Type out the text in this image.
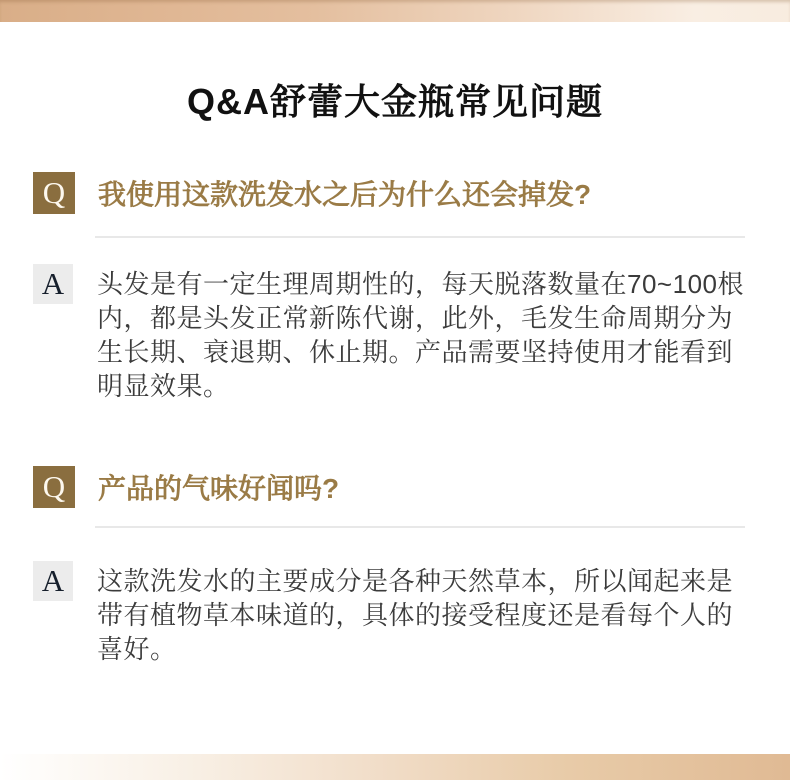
Q&A舒蕾大金瓶常见问题
Q	我使用这款洗发水之后为什么还会掉发?
A	头发是有一定生理周期性的，每天脱落数量在70~100根内，都是头发正常新陈代谢，此外，毛发生命周期分为生长期、衰退期、休止期。产品需要坚持使用才能看到明显效果。
Q	产品的气味好闻吗?
A	这款洗发水的主要成分是各种天然草本，所以闻起来是带有植物草本味道的，具体的接受程度还是看每个人的喜好。
